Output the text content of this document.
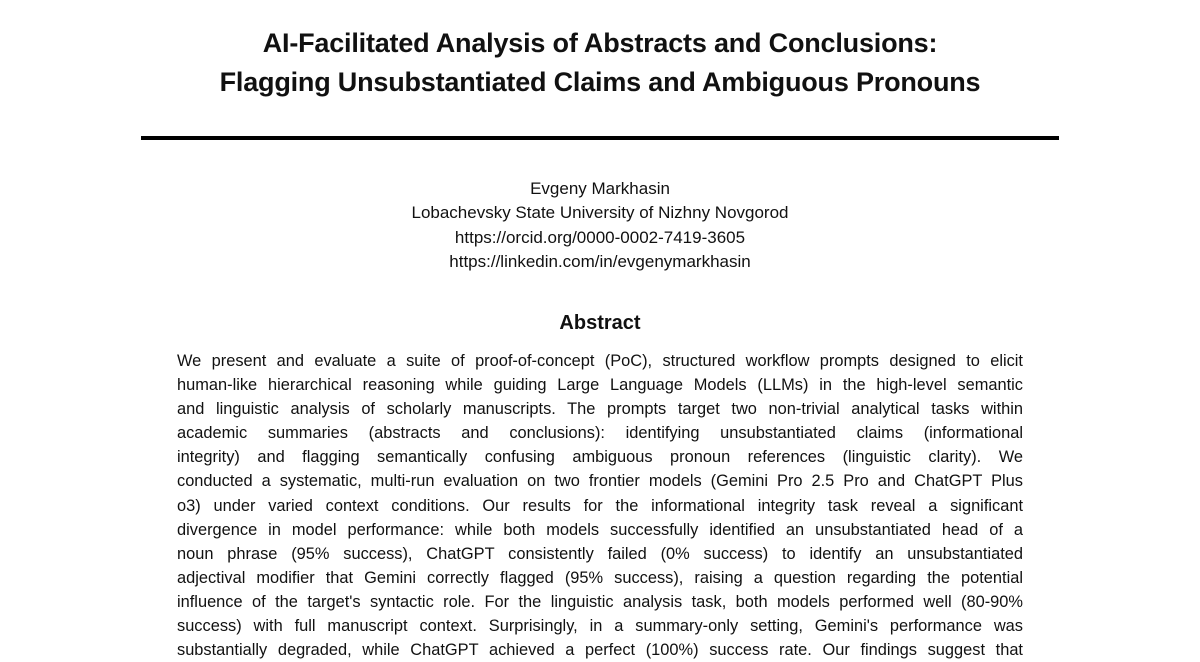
AI-Facilitated Analysis of Abstracts and Conclusions:
Flagging Unsubstantiated Claims and Ambiguous Pronouns
Evgeny Markhasin
Lobachevsky State University of Nizhny Novgorod
https://orcid.org/0000-0002-7419-3605
https://linkedin.com/in/evgenymarkhasin
Abstract
We present and evaluate a suite of proof-of-concept (PoC), structured workflow prompts designed to elicit
human-like hierarchical reasoning while guiding Large Language Models (LLMs) in the high-level semantic
and linguistic analysis of scholarly manuscripts. The prompts target two non-trivial analytical tasks within
academic summaries (abstracts and conclusions): identifying unsubstantiated claims (informational
integrity) and flagging semantically confusing ambiguous pronoun references (linguistic clarity). We
conducted a systematic, multi-run evaluation on two frontier models (Gemini Pro 2.5 Pro and ChatGPT Plus
o3) under varied context conditions. Our results for the informational integrity task reveal a significant
divergence in model performance: while both models successfully identified an unsubstantiated head of a
noun phrase (95% success), ChatGPT consistently failed (0% success) to identify an unsubstantiated
adjectival modifier that Gemini correctly flagged (95% success), raising a question regarding the potential
influence of the target's syntactic role. For the linguistic analysis task, both models performed well (80-90%
success) with full manuscript context. Surprisingly, in a summary-only setting, Gemini's performance was
substantially degraded, while ChatGPT achieved a perfect (100%) success rate. Our findings suggest that
